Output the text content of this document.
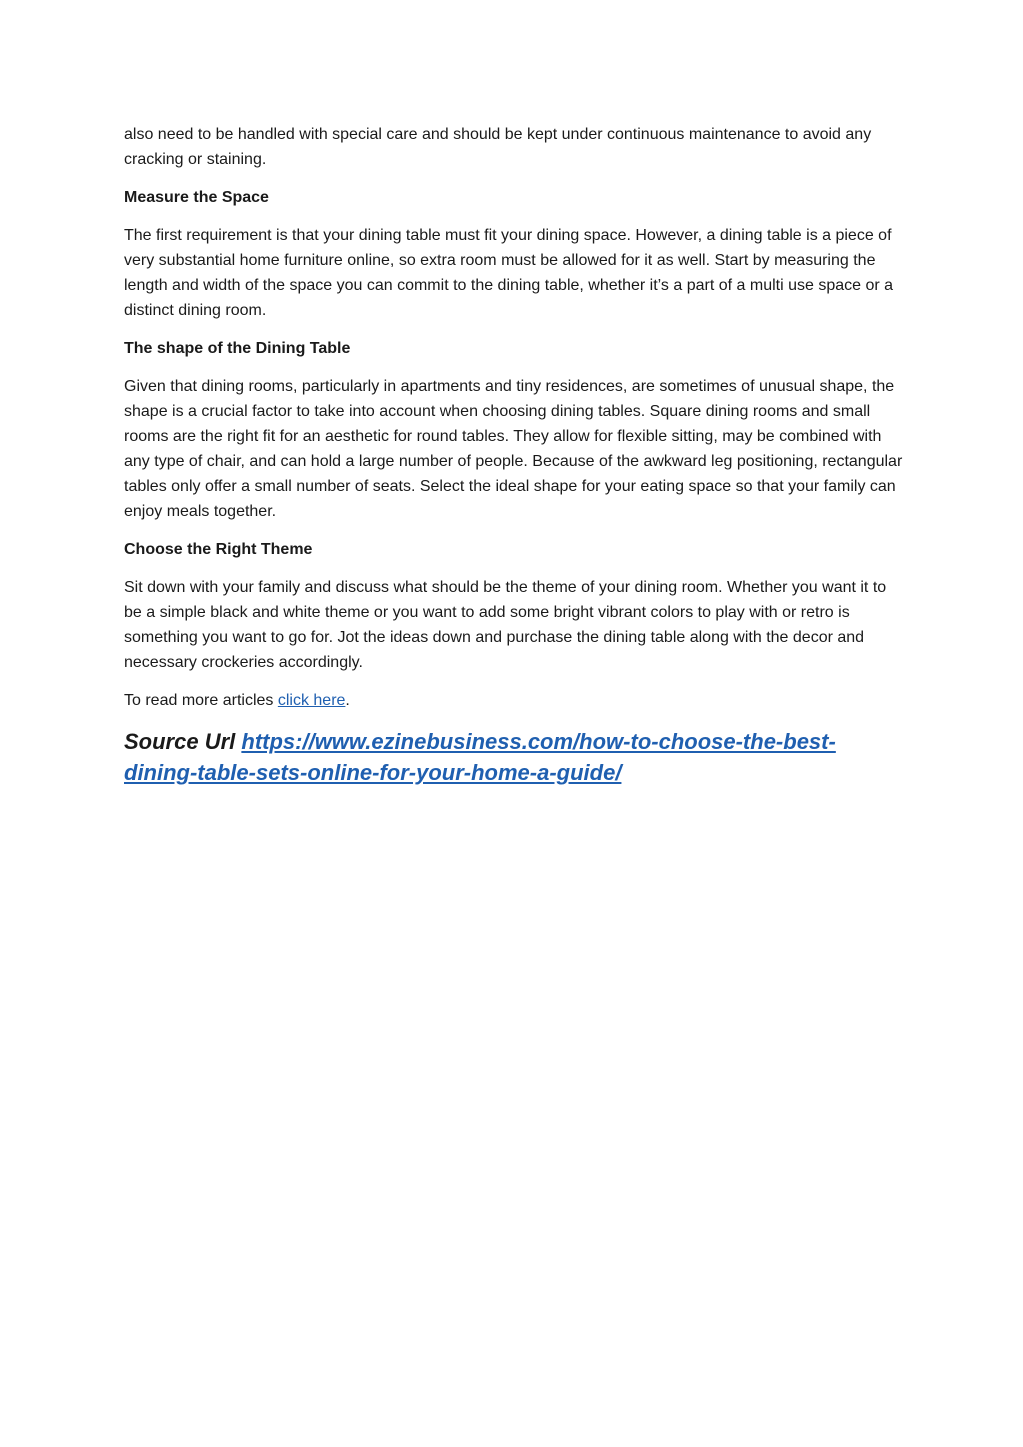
also need to be handled with special care and should be kept under continuous maintenance to avoid any cracking or staining.

Measure the Space

The first requirement is that your dining table must fit your dining space. However, a dining table is a piece of very substantial home furniture online, so extra room must be allowed for it as well. Start by measuring the length and width of the space you can commit to the dining table, whether it’s a part of a multi use space or a distinct dining room.

The shape of the Dining Table

Given that dining rooms, particularly in apartments and tiny residences, are sometimes of unusual shape, the shape is a crucial factor to take into account when choosing dining tables. Square dining rooms and small rooms are the right fit for an aesthetic for round tables. They allow for flexible sitting, may be combined with any type of chair, and can hold a large number of people. Because of the awkward leg positioning, rectangular tables only offer a small number of seats. Select the ideal shape for your eating space so that your family can enjoy meals together.

Choose the Right Theme

Sit down with your family and discuss what should be the theme of your dining room. Whether you want it to be a simple black and white theme or you want to add some bright vibrant colors to play with or retro is something you want to go for. Jot the ideas down and purchase the dining table along with the decor and necessary crockeries accordingly.

To read more articles click here.

Source Url https://www.ezinebusiness.com/how-to-choose-the-best-dining-table-sets-online-for-your-home-a-guide/
